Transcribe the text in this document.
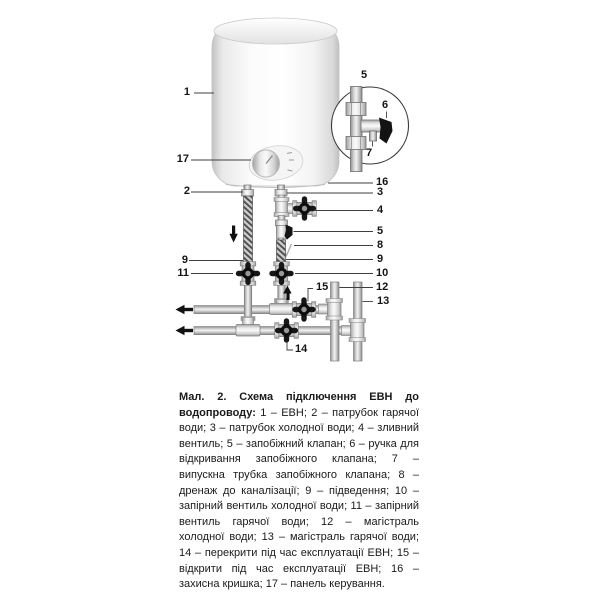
1
17
2
9
11
16
3
4
5
8
9
10
12
13
5
6
7
15
14

Мал. 2. Схема підключення ЕВН до водопроводу: 1 – ЕВН; 2 – патрубок гарячої води; 3 – патрубок холодної води; 4 – зливний вентиль; 5 – запобіжний клапан; 6 – ручка для відкривання запобіжного клапана; 7 – випускна трубка запобіжного клапана; 8 – дренаж до каналізації; 9 – підведення; 10 – запірний вентиль холодної води; 11 – запірний вентиль гарячої води; 12 – магістраль холодної води; 13 – магістраль гарячої води; 14 – перекрити під час експлуатації ЕВН; 15 – відкрити під час експлуатації ЕВН; 16 – захисна кришка; 17 – панель керування.
